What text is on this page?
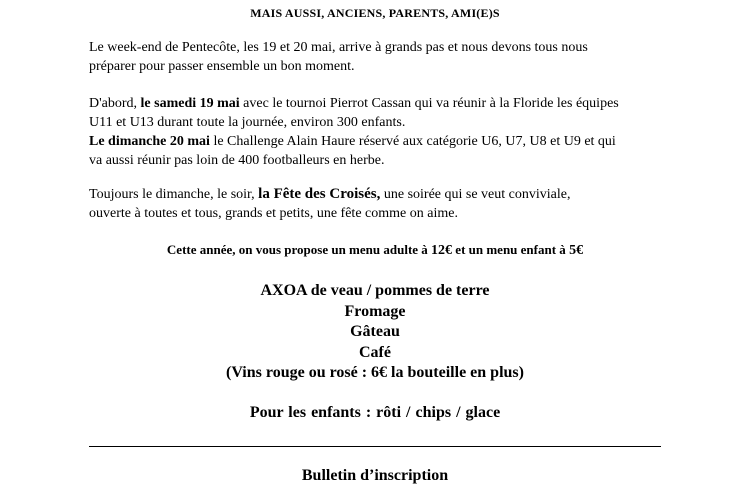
MAIS AUSSI, ANCIENS, PARENTS, AMI(E)S
Le week-end de Pentecôte, les 19 et 20 mai, arrive à grands pas et nous devons tous nous
préparer pour passer ensemble un bon moment.
D'abord, le samedi 19 mai avec le tournoi Pierrot Cassan qui va réunir à la Floride les équipes
U11 et U13 durant toute la journée, environ 300 enfants.
Le dimanche 20 mai le Challenge Alain Haure réservé aux catégorie U6, U7, U8 et U9 et qui
va aussi réunir pas loin de 400 footballeurs en herbe.
Toujours le dimanche, le soir, la Fête des Croisés, une soirée qui se veut conviviale,
ouverte à toutes et tous, grands et petits, une fête comme on aime.
Cette année, on vous propose un menu adulte à 12€ et un menu enfant à 5€
AXOA de veau / pommes de terre
Fromage
Gâteau
Café
(Vins rouge ou rosé : 6€ la bouteille en plus)
Pour les enfants : rôti / chips / glace
Bulletin d’inscription
